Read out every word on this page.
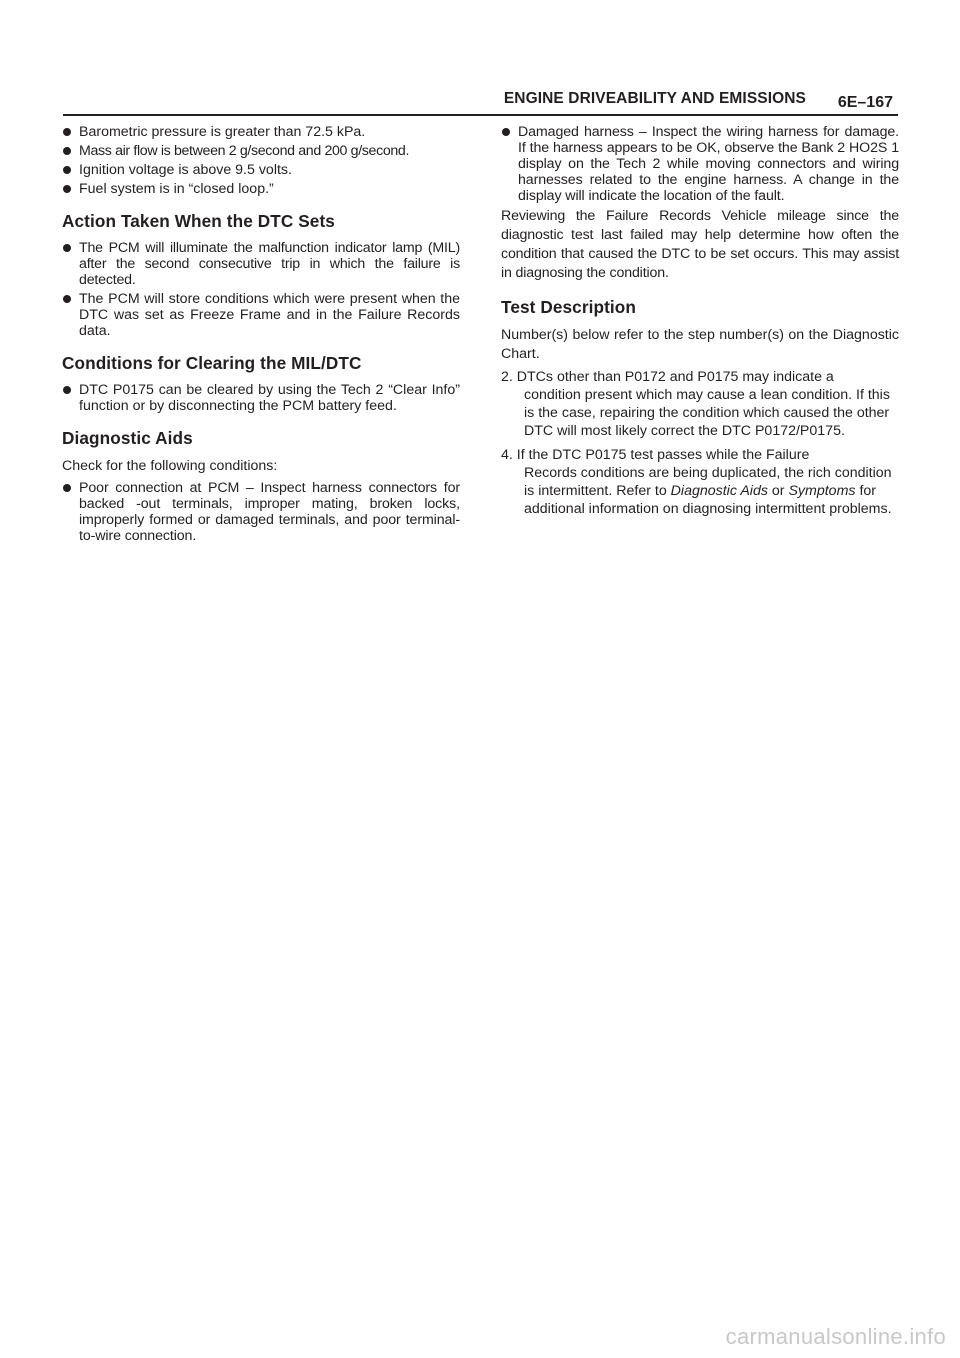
ENGINE DRIVEABILITY AND EMISSIONS 6E–167
Barometric pressure is greater than 72.5 kPa.
Mass air flow is between 2 g/second and 200 g/second.
Ignition voltage is above 9.5 volts.
Fuel system is in “closed loop.”
Action Taken When the DTC Sets
The PCM will illuminate the malfunction indicator lamp (MIL) after the second consecutive trip in which the failure is detected.
The PCM will store conditions which were present when the DTC was set as Freeze Frame and in the Failure Records data.
Conditions for Clearing the MIL/DTC
DTC P0175 can be cleared by using the Tech 2 “Clear Info” function or by disconnecting the PCM battery feed.
Diagnostic Aids
Check for the following conditions:
Poor connection at PCM – Inspect harness connectors for backed -out terminals, improper mating, broken locks, improperly formed or damaged terminals, and poor terminal-to-wire connection.
Damaged harness – Inspect the wiring harness for damage. If the harness appears to be OK, observe the Bank 2 HO2S 1 display on the Tech 2 while moving connectors and wiring harnesses related to the engine harness. A change in the display will indicate the location of the fault.
Reviewing the Failure Records Vehicle mileage since the diagnostic test last failed may help determine how often the condition that caused the DTC to be set occurs. This may assist in diagnosing the condition.
Test Description
Number(s) below refer to the step number(s) on the Diagnostic Chart.
2. DTCs other than P0172 and P0175 may indicate a
condition present which may cause a lean condition. If this is the case, repairing the condition which caused the other DTC will most likely correct the DTC P0172/P0175.
4. If the DTC P0175 test passes while the Failure
Records conditions are being duplicated, the rich condition is intermittent. Refer to Diagnostic Aids or Symptoms for additional information on diagnosing intermittent problems.
carmanualsonline.info
